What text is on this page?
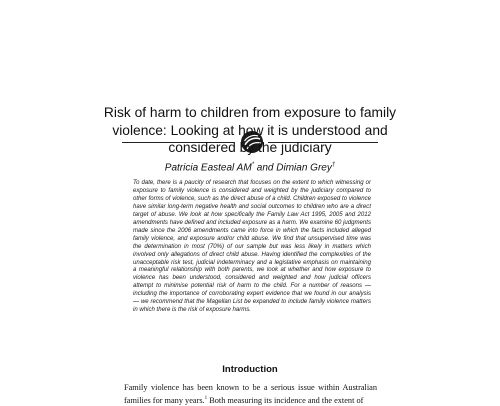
Risk of harm to children from exposure to family violence: Looking at how it is understood and considered by the judiciary
Patricia Easteal AM* and Dimian Grey†
To date, there is a paucity of research that focuses on the extent to which witnessing or exposure to family violence is considered and weighted by the judiciary compared to other forms of violence, such as the direct abuse of a child. Children exposed to violence have similar long-term negative health and social outcomes to children who are a direct target of abuse. We look at how specifically the Family Law Act 1995, 2005 and 2012 amendments have defined and included exposure as a harm. We examine 60 judgments made since the 2006 amendments came into force in which the facts included alleged family violence, and exposure and/or child abuse. We find that unsupervised time was the determination in most (70%) of our sample but was less likely in matters which involved only allegations of direct child abuse. Having identified the complexities of the unacceptable risk test, judicial indeterminacy and a legislative emphasis on maintaining a meaningful relationship with both parents, we look at whether and how exposure to violence has been understood, considered and weighted and how judicial officers attempt to minimise potential risk of harm to the child. For a number of reasons — including the importance of corroborating expert evidence that we found in our analysis — we recommend that the Magellan List be expanded to include family violence matters in which there is the risk of exposure harms.
Introduction
Family violence has been known to be a serious issue within Australian families for many years.$^1$ Both measuring its incidence and the extent of
